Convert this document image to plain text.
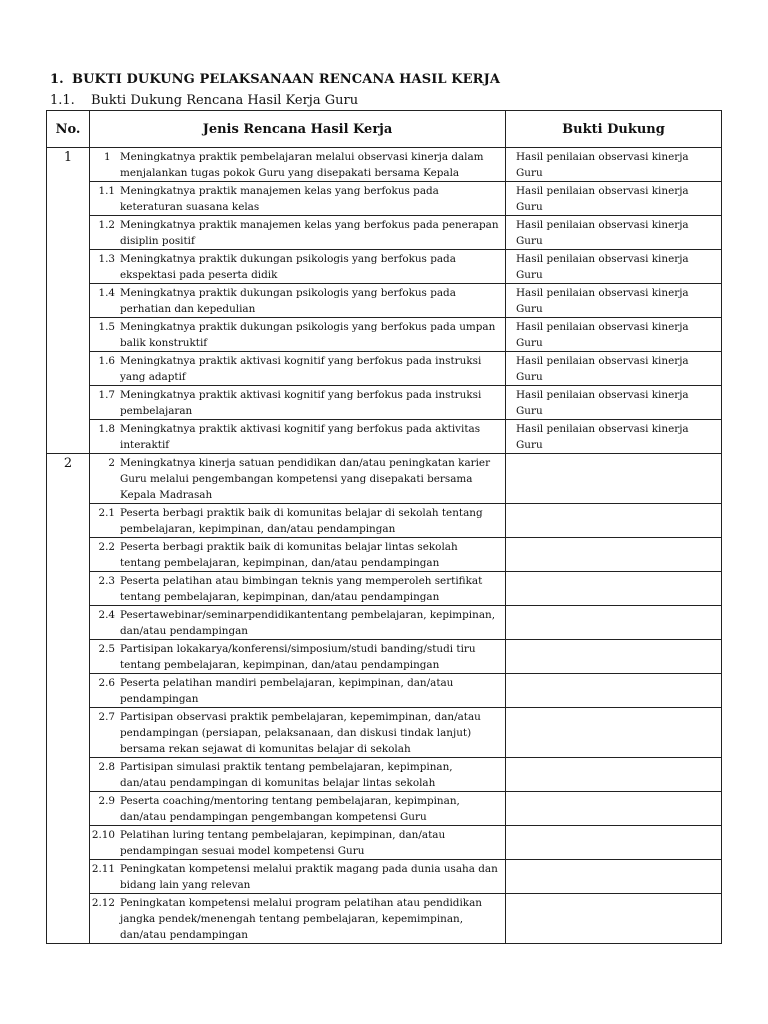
1. BUKTI DUKUNG PELAKSANAAN RENCANA HASIL KERJA
1.1. Bukti Dukung Rencana Hasil Kerja Guru
No.	Jenis Rencana Hasil Kerja	Bukti Dukung
1	1 Meningkatnya praktik pembelajaran melalui observasi kinerja dalam menjalankan tugas pokok Guru yang disepakati bersama Kepala	Hasil penilaian observasi kinerja Guru

	1.1 Meningkatnya praktik manajemen kelas yang berfokus pada keteraturan suasana kelas	Hasil penilaian observasi kinerja Guru

	1.2 Meningkatnya praktik manajemen kelas yang berfokus pada penerapan disiplin positif	Hasil penilaian observasi kinerja Guru

	1.3 Meningkatnya praktik dukungan psikologis yang berfokus pada ekspektasi pada peserta didik	Hasil penilaian observasi kinerja Guru

	1.4 Meningkatnya praktik dukungan psikologis yang berfokus pada perhatian dan kepedulian	Hasil penilaian observasi kinerja Guru

	1.5 Meningkatnya praktik dukungan psikologis yang berfokus pada umpan balik konstruktif	Hasil penilaian observasi kinerja Guru

	1.6 Meningkatnya praktik aktivasi kognitif yang berfokus pada instruksi yang adaptif	Hasil penilaian observasi kinerja Guru

	1.7 Meningkatnya praktik aktivasi kognitif yang berfokus pada instruksi pembelajaran	Hasil penilaian observasi kinerja Guru

	1.8 Meningkatnya praktik aktivasi kognitif yang berfokus pada aktivitas interaktif	Hasil penilaian observasi kinerja Guru
2	2 Meningkatnya kinerja satuan pendidikan dan/atau peningkatan karier Guru melalui pengembangan kompetensi yang disepakati bersama Kepala Madrasah	

	2.1 Peserta berbagi praktik baik di komunitas belajar di sekolah tentang pembelajaran, kepimpinan, dan/atau pendampingan	

	2.2 Peserta berbagi praktik baik di komunitas belajar lintas sekolah tentang pembelajaran, kepimpinan, dan/atau pendampingan	

	2.3 Peserta pelatihan atau bimbingan teknis yang memperoleh sertifikat tentang pembelajaran, kepimpinan, dan/atau pendampingan	

	2.4 Pesertawebinar/seminarpendidikantentang pembelajaran, kepimpinan, dan/atau pendampingan	

	2.5 Partisipan lokakarya/konferensi/simposium/studi banding/studi tiru tentang pembelajaran, kepimpinan, dan/atau pendampingan	

	2.6 Peserta pelatihan mandiri pembelajaran, kepimpinan, dan/atau pendampingan	

	2.7 Partisipan observasi praktik pembelajaran, kepemimpinan, dan/atau pendampingan (persiapan, pelaksanaan, dan diskusi tindak lanjut) bersama rekan sejawat di komunitas belajar di sekolah	

	2.8 Partisipan simulasi praktik tentang pembelajaran, kepimpinan, dan/atau pendampingan di komunitas belajar lintas sekolah	

	2.9 Peserta coaching/mentoring tentang pembelajaran, kepimpinan, dan/atau pendampingan pengembangan kompetensi Guru	

	2.10 Pelatihan luring tentang pembelajaran, kepimpinan, dan/atau pendampingan sesuai model kompetensi Guru	

	2.11 Peningkatan kompetensi melalui praktik magang pada dunia usaha dan bidang lain yang relevan	

	2.12 Peningkatan kompetensi melalui program pelatihan atau pendidikan jangka pendek/menengah tentang pembelajaran, kepemimpinan, dan/atau pendampingan	
